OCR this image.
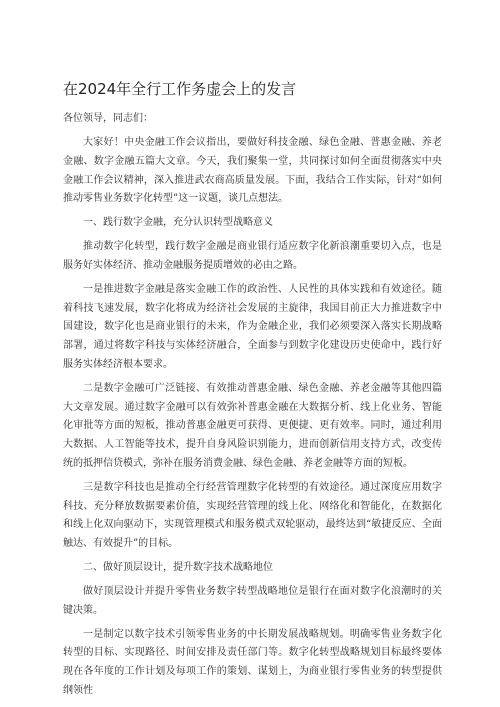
在2024年全行工作务虚会上的发言
各位领导，同志们：

大家好！中央金融工作会议指出，要做好科技金融、绿色金融、普惠金融、养老金融、数字金融五篇大文章。今天，我们聚集一堂，共同探讨如何全面贯彻落实中央金融工作会议精神，深入推进武农商高质量发展。下面，我结合工作实际，针对“如何推动零售业务数字化转型”这一议题，谈几点想法。

一、践行数字金融，充分认识转型战略意义

推动数字化转型，践行数字金融是商业银行适应数字化新浪潮重要切入点，也是服务好实体经济、推动金融服务提质增效的必由之路。

一是推进数字金融是落实金融工作的政治性、人民性的具体实践和有效途径。随着科技飞速发展，数字化将成为经济社会发展的主旋律，我国目前正大力推进数字中国建设，数字化也是商业银行的未来，作为金融企业，我们必须要深入落实长期战略部署，通过将数字科技与实体经济融合，全面参与到数字化建设历史使命中，践行好服务实体经济根本要求。

二是数字金融可广泛链接、有效推动普惠金融、绿色金融、养老金融等其他四篇大文章发展。通过数字金融可以有效弥补普惠金融在大数据分析、线上化业务、智能化审批等方面的短板，推动普惠金融更可获得、更便捷、更有效率。同时，通过利用大数据、人工智能等技术，提升自身风险识别能力，进而创新信用支持方式，改变传统的抵押信贷模式，弥补在服务消费金融、绿色金融、养老金融等方面的短板。

三是数字科技也是推动全行经营管理数字化转型的有效途径。通过深度应用数字科技、充分释放数据要素价值，实现经营管理的线上化、网络化和智能化，在数据化和线上化双向驱动下，实现管理模式和服务模式双轮驱动，最终达到“敏捷反应、全面触达、有效提升”的目标。

二、做好顶层设计，提升数字技术战略地位

做好顶层设计并提升零售业务数字转型战略地位是银行在面对数字化浪潮时的关键决策。

一是制定以数字技术引领零售业务的中长期发展战略规划。明确零售业务数字化转型的目标、实现路径、时间安排及责任部门等。数字化转型战略规划目标最终要体现在各年度的工作计划及每项工作的策划、谋划上，为商业银行零售业务的转型提供纲领性
